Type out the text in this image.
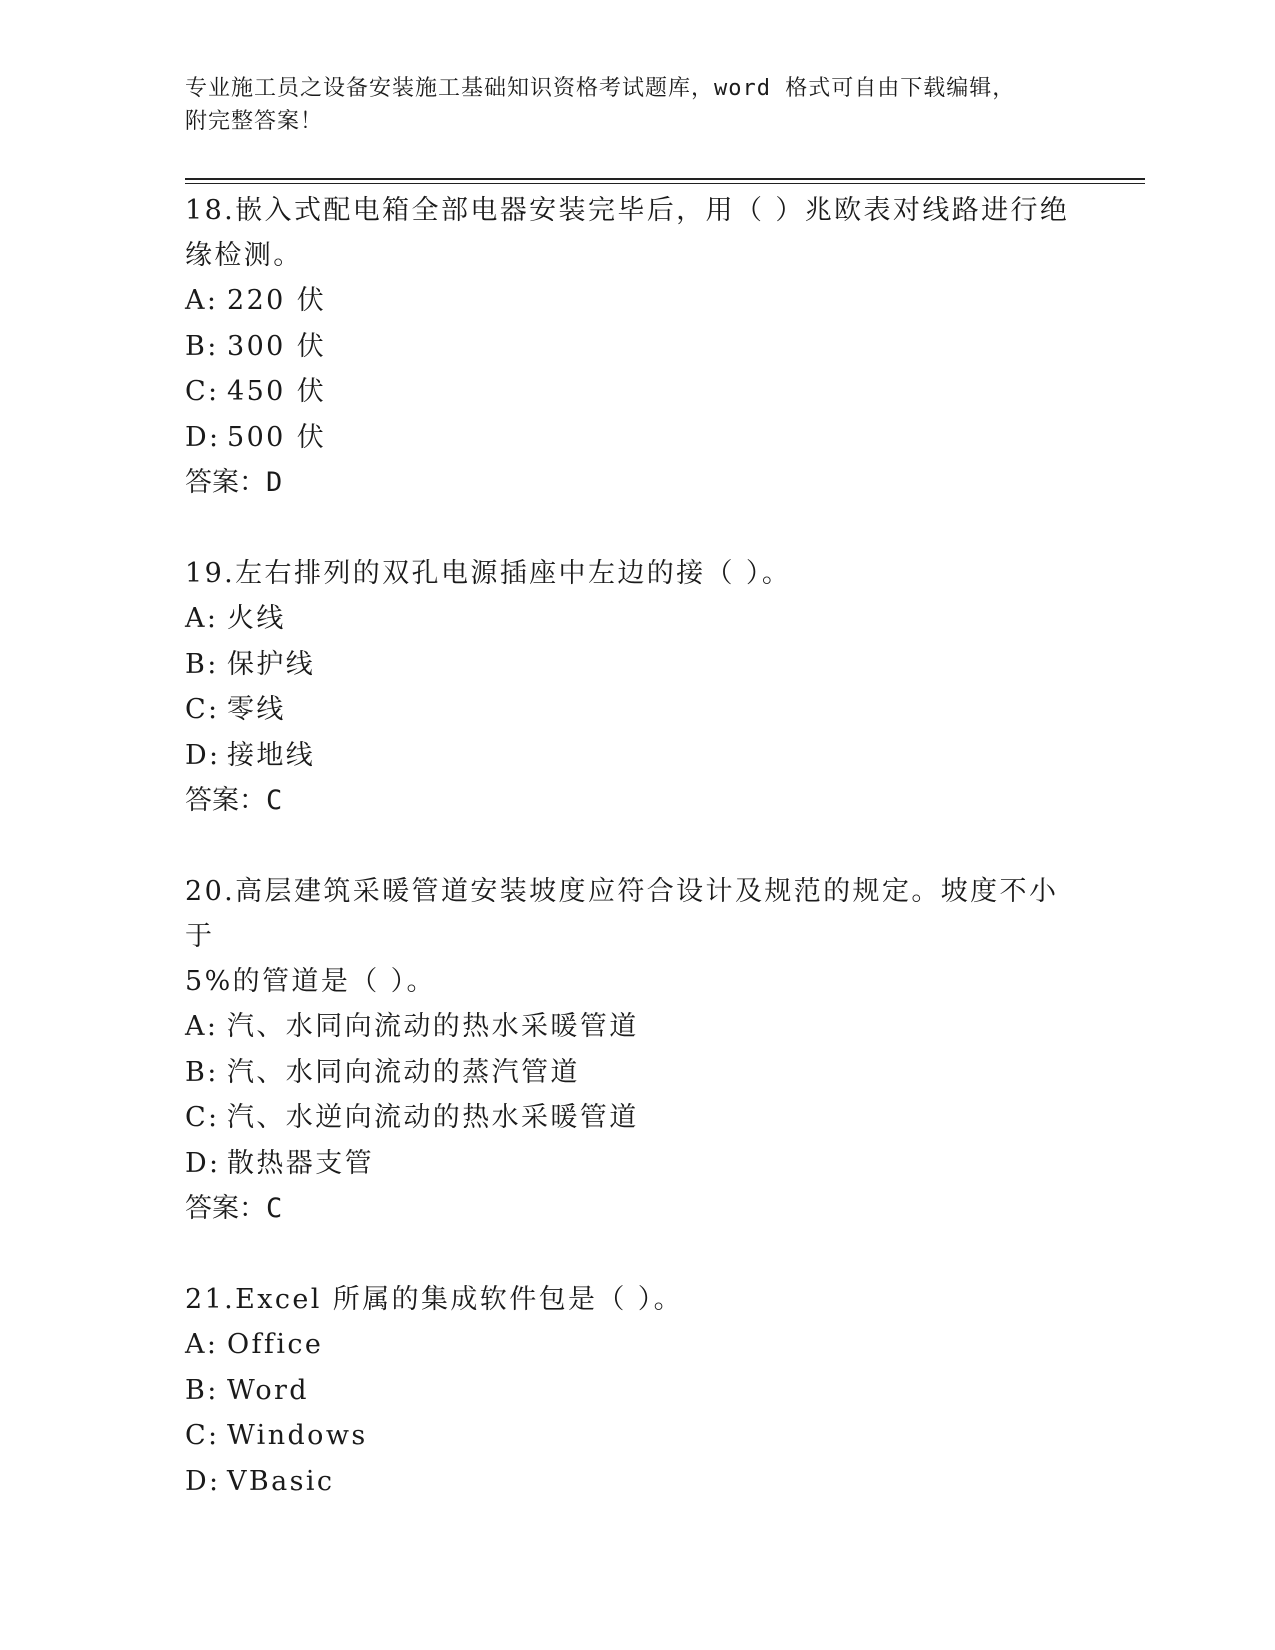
专业施工员之设备安装施工基础知识资格考试题库，word 格式可自由下载编辑，
附完整答案！
18.嵌入式配电箱全部电器安装完毕后，用（ ）兆欧表对线路进行绝
缘检测。
A: 220 伏
B: 300 伏
C: 450 伏
D: 500 伏
答案：D
19.左右排列的双孔电源插座中左边的接（ ）。
A: 火线
B: 保护线
C: 零线
D: 接地线
答案：C
20.高层建筑采暖管道安装坡度应符合设计及规范的规定。坡度不小于
5%的管道是（ ）。
A: 汽、水同向流动的热水采暖管道
B: 汽、水同向流动的蒸汽管道
C: 汽、水逆向流动的热水采暖管道
D: 散热器支管
答案：C
21.Excel 所属的集成软件包是（ ）。
A: Office
B: Word
C: Windows
D: VBasic
